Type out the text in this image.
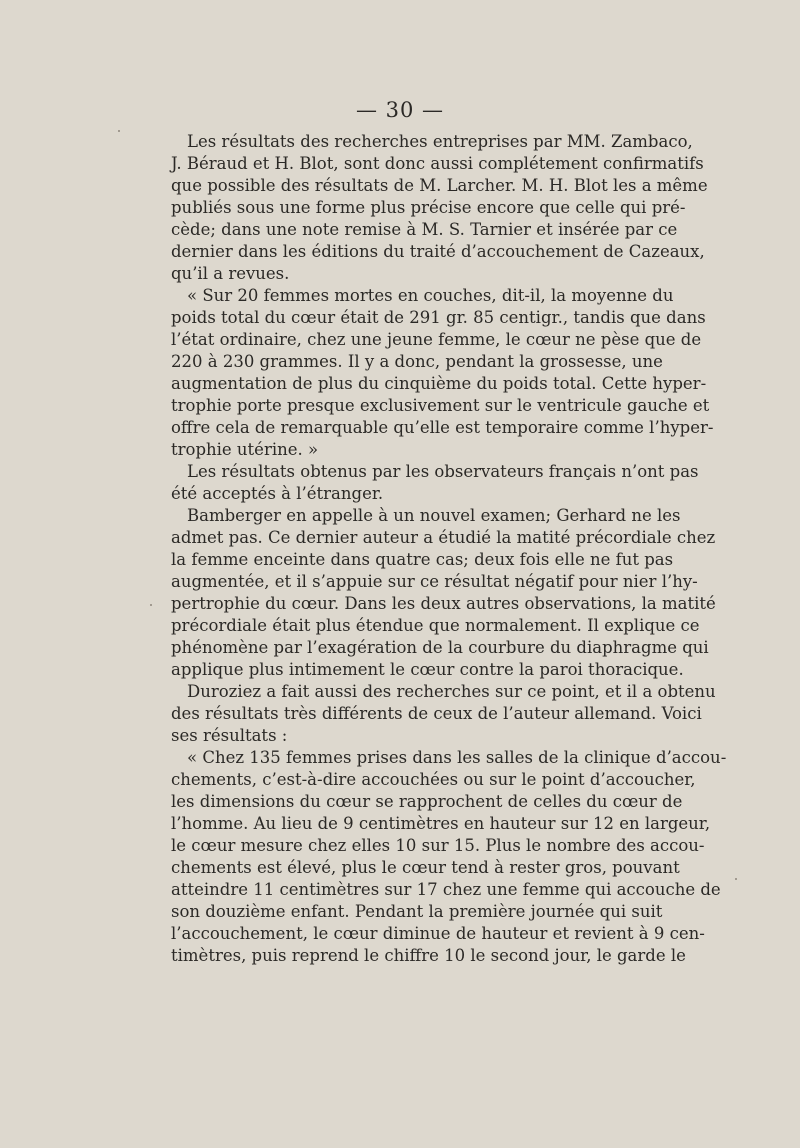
— 30 —
Les résultats des recherches entreprises par MM. Zambaco,
J. Béraud et H. Blot, sont donc aussi complétement confirmatifs
que possible des résultats de M. Larcher. M. H. Blot les a même
publiés sous une forme plus précise encore que celle qui pré-
cède; dans une note remise à M. S. Tarnier et insérée par ce
dernier dans les éditions du traité d’accouchement de Cazeaux,
qu’il a revues.
« Sur 20 femmes mortes en couches, dit-il, la moyenne du
poids total du cœur était de 291 gr. 85 centigr., tandis que dans
l’état ordinaire, chez une jeune femme, le cœur ne pèse que de
220 à 230 grammes. Il y a donc, pendant la grossesse, une
augmentation de plus du cinquième du poids total. Cette hyper-
trophie porte presque exclusivement sur le ventricule gauche et
offre cela de remarquable qu’elle est temporaire comme l’hyper-
trophie utérine. »
Les résultats obtenus par les observateurs français n’ont pas
été acceptés à l’étranger.
Bamberger en appelle à un nouvel examen; Gerhard ne les
admet pas. Ce dernier auteur a étudié la matité précordiale chez
la femme enceinte dans quatre cas; deux fois elle ne fut pas
augmentée, et il s’appuie sur ce résultat négatif pour nier l’hy-
pertrophie du cœur. Dans les deux autres observations, la matité
précordiale était plus étendue que normalement. Il explique ce
phénomène par l’exagération de la courbure du diaphragme qui
applique plus intimement le cœur contre la paroi thoracique.
Duroziez a fait aussi des recherches sur ce point, et il a obtenu
des résultats très différents de ceux de l’auteur allemand. Voici
ses résultats :
« Chez 135 femmes prises dans les salles de la clinique d’accou-
chements, c’est-à-dire accouchées ou sur le point d’accoucher,
les dimensions du cœur se rapprochent de celles du cœur de
l’homme. Au lieu de 9 centimètres en hauteur sur 12 en largeur,
le cœur mesure chez elles 10 sur 15. Plus le nombre des accou-
chements est élevé, plus le cœur tend à rester gros, pouvant
atteindre 11 centimètres sur 17 chez une femme qui accouche de
son douzième enfant. Pendant la première journée qui suit
l’accouchement, le cœur diminue de hauteur et revient à 9 cen-
timètres, puis reprend le chiffre 10 le second jour, le garde le
